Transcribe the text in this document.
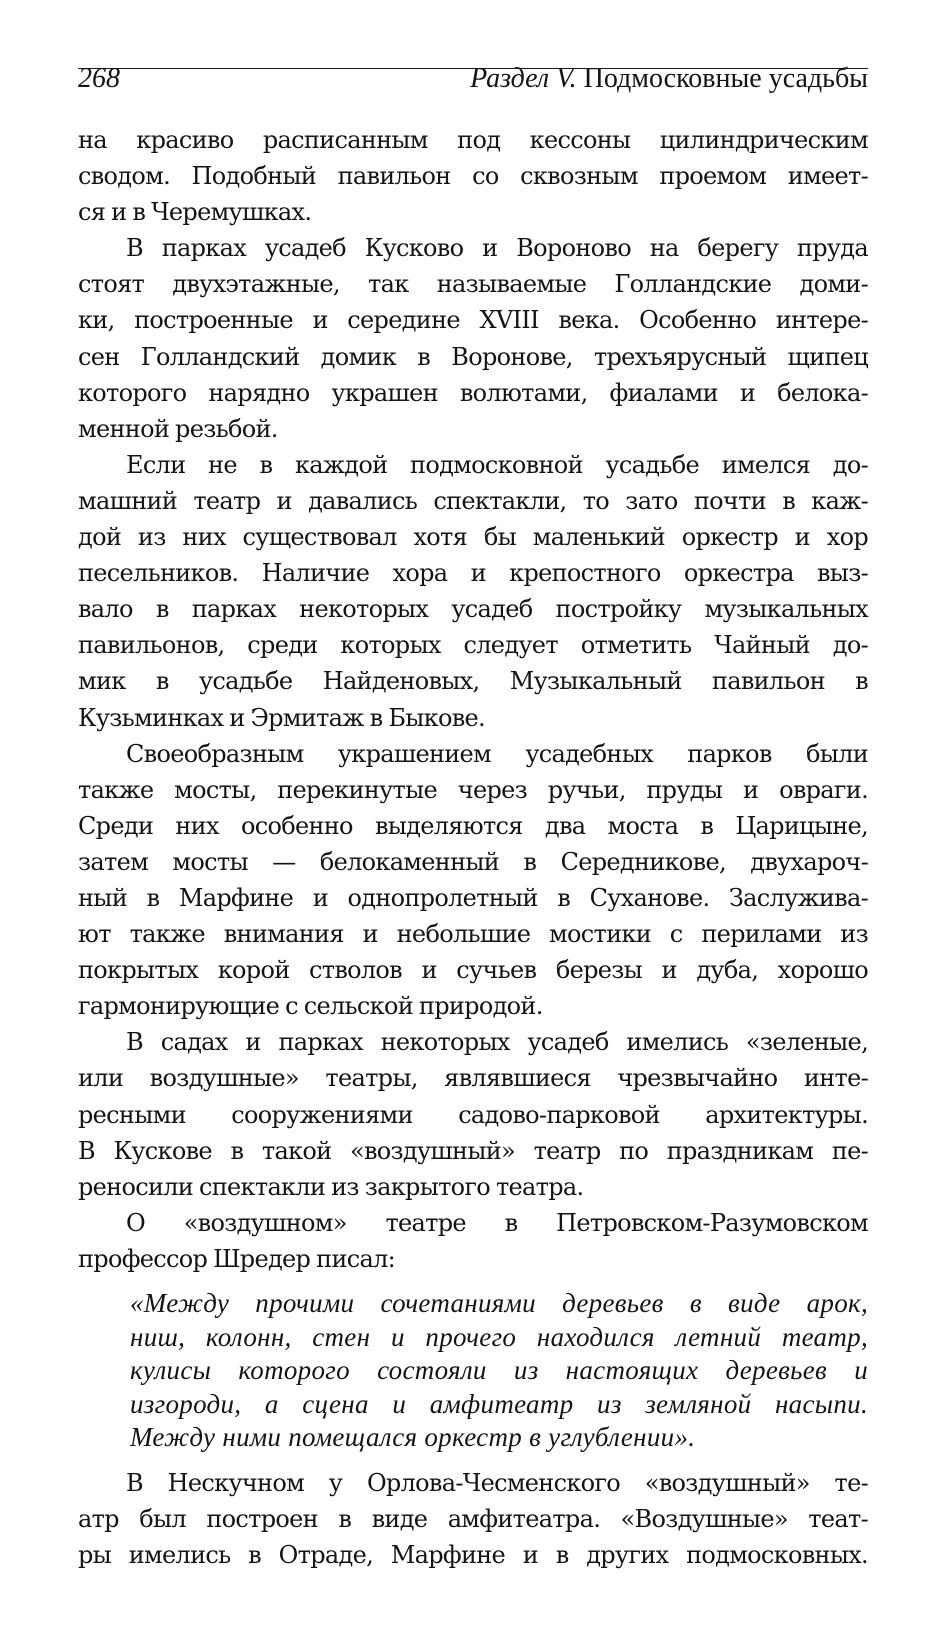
268	Раздел V. Подмосковные усадьбы
на красиво расписанным под кессоны цилиндрическим
сводом. Подобный павильон со сквозным проемом имеет-
ся и в Черемушках.
В парках усадеб Кусково и Вороново на берегу пруда
стоят двухэтажные, так называемые Голландские доми-
ки, построенные и середине XVIII века. Особенно интере-
сен Голландский домик в Воронове, трехъярусный щипец
которого нарядно украшен волютами, фиалами и белока-
менной резьбой.
Если не в каждой подмосковной усадьбе имелся до-
машний театр и давались спектакли, то зато почти в каж-
дой из них существовал хотя бы маленький оркестр и хор
песельников. Наличие хора и крепостного оркестра выз-
вало в парках некоторых усадеб постройку музыкальных
павильонов, среди которых следует отметить Чайный до-
мик в усадьбе Найденовых, Музыкальный павильон в
Кузьминках и Эрмитаж в Быкове.
Своеобразным украшением усадебных парков были
также мосты, перекинутые через ручьи, пруды и овраги.
Среди них особенно выделяются два моста в Царицыне,
затем мосты — белокаменный в Середникове, двухароч-
ный в Марфине и однопролетный в Суханове. Заслужива-
ют также внимания и небольшие мостики с перилами из
покрытых корой стволов и сучьев березы и дуба, хорошо
гармонирующие с сельской природой.
В садах и парках некоторых усадеб имелись «зеленые,
или воздушные» театры, являвшиеся чрезвычайно инте-
ресными сооружениями садово-парковой архитектуры.
В Кускове в такой «воздушный» театр по праздникам пе-
реносили спектакли из закрытого театра.
О «воздушном» театре в Петровском-Разумовском
профессор Шредер писал:
«Между прочими сочетаниями деревьев в виде арок,
ниш, колонн, стен и прочего находился летний театр,
кулисы которого состояли из настоящих деревьев и
изгороди, а сцена и амфитеатр из земляной насыпи.
Между ними помещался оркестр в углублении».
В Нескучном у Орлова-Чесменского «воздушный» те-
атр был построен в виде амфитеатра. «Воздушные» теат-
ры имелись в Отраде, Марфине и в других подмосковных.
